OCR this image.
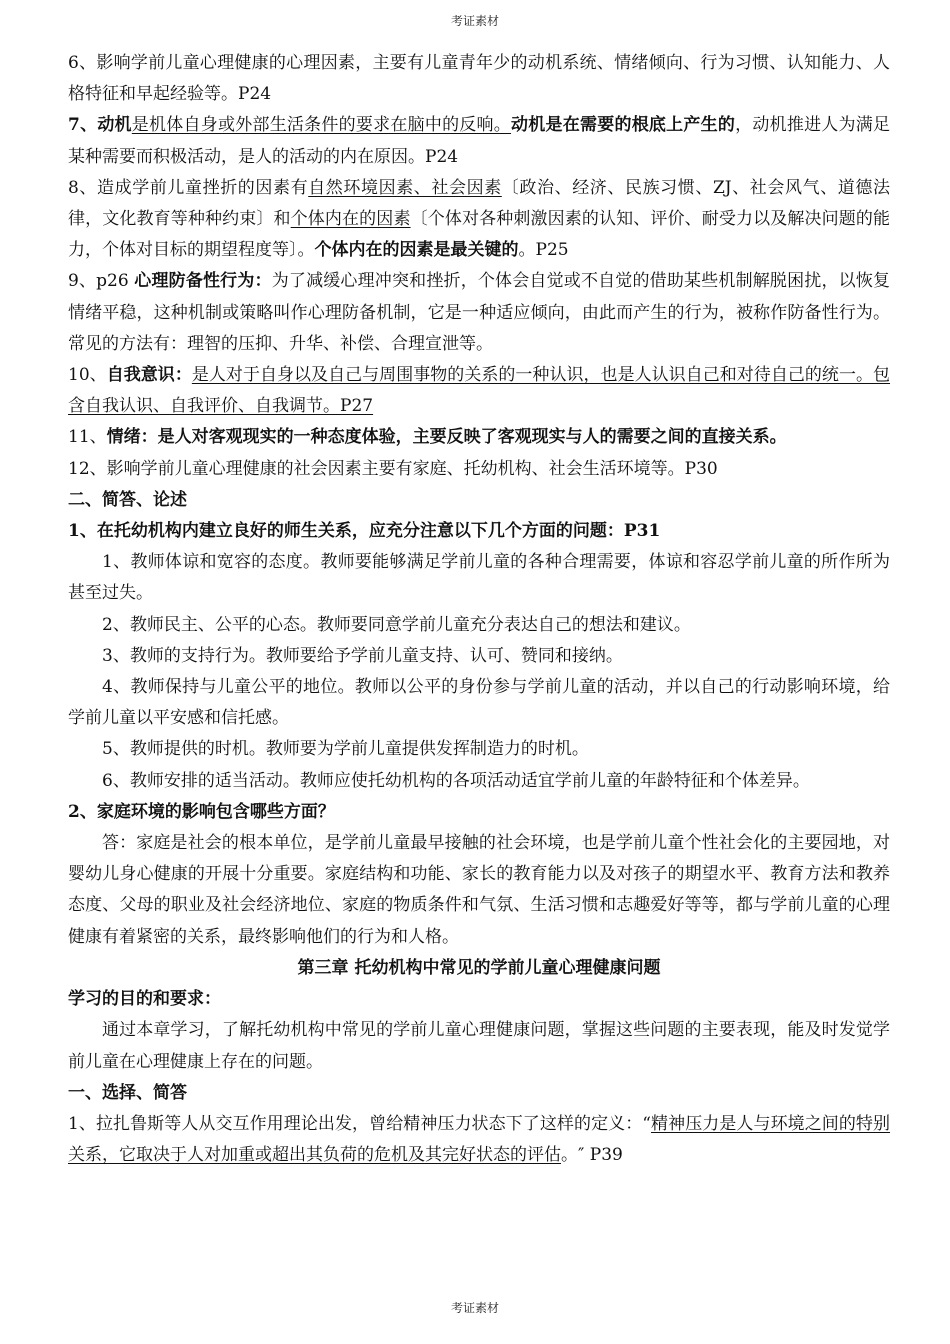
考证素材

6、影响学前儿童心理健康的心理因素，主要有儿童青年少的动机系统、情绪倾向、行为习惯、认知能力、人格特征和早起经验等。P24

7、动机是机体自身或外部生活条件的要求在脑中的反响。动机是在需要的根底上产生的，动机推进人为满足某种需要而积极活动，是人的活动的内在原因。P24

8、造成学前儿童挫折的因素有自然环境因素、社会因素〔政治、经济、民族习惯、ZJ、社会风气、道德法律，文化教育等种种约束〕和个体内在的因素〔个体对各种刺激因素的认知、评价、耐受力以及解决问题的能力，个体对目标的期望程度等〕。个体内在的因素是最关键的。P25

9、p26 心理防备性行为：为了减缓心理冲突和挫折，个体会自觉或不自觉的借助某些机制解脱困扰，以恢复情绪平稳，这种机制或策略叫作心理防备机制，它是一种适应倾向，由此而产生的行为，被称作防备性行为。常见的方法有：理智的压抑、升华、补偿、合理宣泄等。

10、自我意识：是人对于自身以及自己与周围事物的关系的一种认识，也是人认识自己和对待自己的统一。包含自我认识、自我评价、自我调节。P27

11、情绪：是人对客观现实的一种态度体验，主要反映了客观现实与人的需要之间的直接关系。

12、影响学前儿童心理健康的社会因素主要有家庭、托幼机构、社会生活环境等。P30

二、简答、论述

1、在托幼机构内建立良好的师生关系，应充分注意以下几个方面的问题：P31

1、教师体谅和宽容的态度。教师要能够满足学前儿童的各种合理需要，体谅和容忍学前儿童的所作所为甚至过失。

2、教师民主、公平的心态。教师要同意学前儿童充分表达自己的想法和建议。

3、教师的支持行为。教师要给予学前儿童支持、认可、赞同和接纳。

4、教师保持与儿童公平的地位。教师以公平的身份参与学前儿童的活动，并以自己的行动影响环境，给学前儿童以平安感和信托感。

5、教师提供的时机。教师要为学前儿童提供发挥制造力的时机。

6、教师安排的适当活动。教师应使托幼机构的各项活动适宜学前儿童的年龄特征和个体差异。

2、家庭环境的影响包含哪些方面？

答：家庭是社会的根本单位，是学前儿童最早接触的社会环境，也是学前儿童个性社会化的主要园地，对婴幼儿身心健康的开展十分重要。家庭结构和功能、家长的教育能力以及对孩子的期望水平、教育方法和教养态度、父母的职业及社会经济地位、家庭的物质条件和气氛、生活习惯和志趣爱好等等，都与学前儿童的心理健康有着紧密的关系，最终影响他们的行为和人格。

第三章 托幼机构中常见的学前儿童心理健康问题

学习的目的和要求：

通过本章学习，了解托幼机构中常见的学前儿童心理健康问题，掌握这些问题的主要表现，能及时发觉学前儿童在心理健康上存在的问题。

一、选择、简答

1、拉扎鲁斯等人从交互作用理论出发，曾给精神压力状态下了这样的定义：“精神压力是人与环境之间的特别关系，它取决于人对加重或超出其负荷的危机及其完好状态的评估。″ P39

考证素材
